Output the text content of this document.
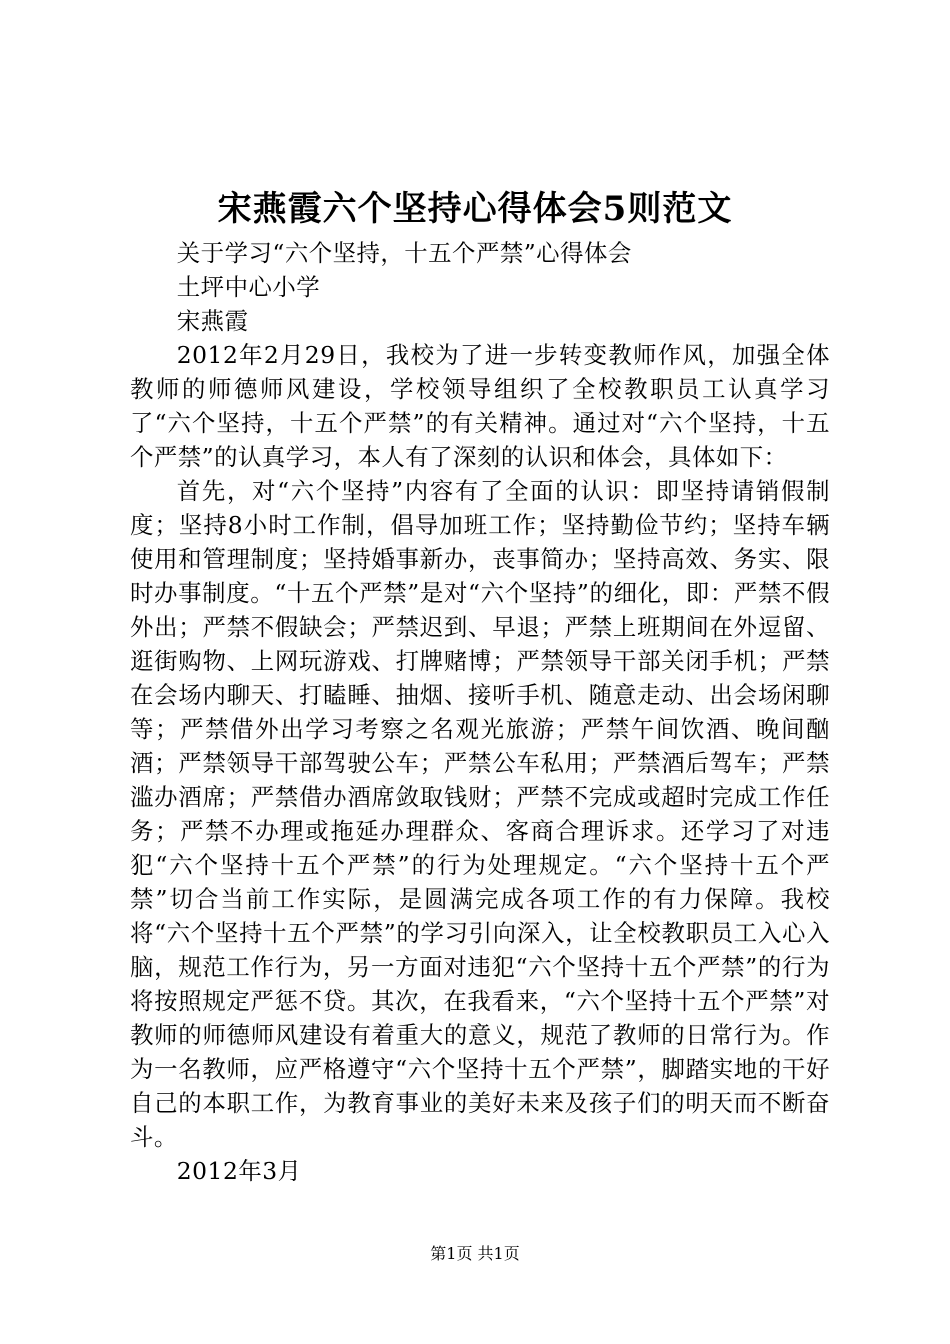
宋燕霞六个坚持心得体会5则范文

关于学习“六个坚持，十五个严禁”心得体会

土坪中心小学

宋燕霞

2012年2月29日，我校为了进一步转变教师作风，加强全体教师的师德师风建设，学校领导组织了全校教职员工认真学习了“六个坚持，十五个严禁”的有关精神。通过对“六个坚持，十五个严禁”的认真学习，本人有了深刻的认识和体会，具体如下：

首先，对“六个坚持”内容有了全面的认识：即坚持请销假制度；坚持8小时工作制，倡导加班工作；坚持勤俭节约；坚持车辆使用和管理制度；坚持婚事新办，丧事简办；坚持高效、务实、限时办事制度。“十五个严禁”是对“六个坚持”的细化，即：严禁不假外出；严禁不假缺会；严禁迟到、早退；严禁上班期间在外逗留、逛街购物、上网玩游戏、打牌赌博；严禁领导干部关闭手机；严禁在会场内聊天、打瞌睡、抽烟、接听手机、随意走动、出会场闲聊等；严禁借外出学习考察之名观光旅游；严禁午间饮酒、晚间酗酒；严禁领导干部驾驶公车；严禁公车私用；严禁酒后驾车；严禁滥办酒席；严禁借办酒席敛取钱财；严禁不完成或超时完成工作任务；严禁不办理或拖延办理群众、客商合理诉求。还学习了对违犯“六个坚持十五个严禁”的行为处理规定。“六个坚持十五个严禁”切合当前工作实际，是圆满完成各项工作的有力保障。我校将“六个坚持十五个严禁”的学习引向深入，让全校教职员工入心入脑，规范工作行为，另一方面对违犯“六个坚持十五个严禁”的行为将按照规定严惩不贷。其次，在我看来，“六个坚持十五个严禁”对教师的师德师风建设有着重大的意义，规范了教师的日常行为。作为一名教师，应严格遵守“六个坚持十五个严禁”，脚踏实地的干好自己的本职工作，为教育事业的美好未来及孩子们的明天而不断奋斗。

2012年3月

第1页 共1页
